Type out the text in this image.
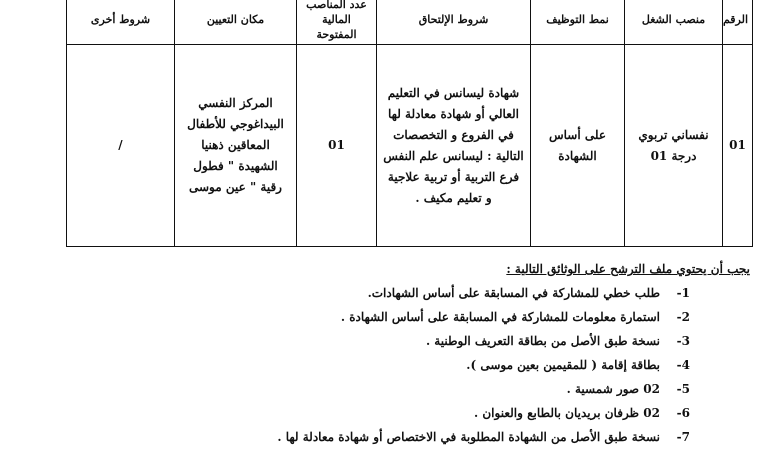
الرقم	منصب الشغل	نمط التوظيف	شروط الإلتحاق	عدد المناصب المالية المفتوحة	مكان التعيين	شروط أخرى
01	نفساني تربوي درجة 01	على أساس الشهادة	شهادة ليسانس في التعليم العالي أو شهادة معادلة لها في الفروع و التخصصات التالية : ليسانس علم النفس فرع التربية أو تربية علاجية و تعليم مكيف .	01	المركز النفسي البيداغوجي للأطفال المعاقين ذهنيا الشهيدة " فطول رقية " عين موسى	/
يجب أن يحتوي ملف الترشح على الوثائق التالية :
-1
طلب خطي للمشاركة في المسابقة على أساس الشهادات.
-2
استمارة معلومات للمشاركة في المسابقة على أساس الشهادة .
-3
نسخة طبق الأصل من بطاقة التعريف الوطنية .
-4
بطاقة إقامة ( للمقيمين بعين موسى ).
-5
02 صور شمسية .
-6
02 ظرفان بريديان بالطابع والعنوان .
-7
نسخة طبق الأصل من الشهادة المطلوبة في الاختصاص أو شهادة معادلة لها .
